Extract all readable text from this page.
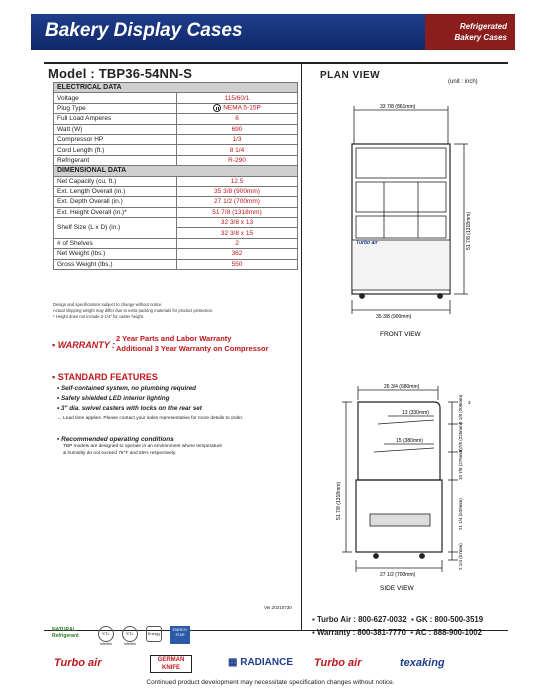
Bakery Display Cases	Refrigerated
Bakery Cases
Model : TBP36-54NN-S	PLAN VIEW
(unit : inch)
ELECTRICAL DATA	
Voltage	115/60/1
Plug Type	NEMA 5-15P
Full Load Amperes	6
Watt (W)	690
Compressor HP	1/3
Cord Length (ft.)	8 1/4
Refrigerant	R-290
DIMENSIONAL DATA	
Net Capacity (cu. ft.)	12.5
Ext. Length Overall (in.)	35 3/8 (900mm)
Ext. Depth Overall (in.)	27 1/2 (700mm)
Ext. Height Overall (in.)*	51 7/8 (1318mm)
Shelf Size (L x D) (in.)	32 3/8 x 13
	32 3/8 x 15
# of Shelves	2
Net Weight (lbs.)	362
Gross Weight (lbs.)	550
Design and specifications subject to change without notice.
Actual shipping weight may differ due to extra packing materials for product protection.
* Height does not include 2-1/4" for caster height.
▪ WARRANTY :
2 Year Parts and Labor Warranty
Additional 3 Year Warranty on Compressor
▪ STANDARD FEATURES
• Self-contained system, no plumbing required
• Safety shielded LED interior lighting
• 3" dia. swivel casters with locks on the rear set
↔ Lead time applies. Please contact your sales representative for more details to order.
▪ Recommended operating conditions
TBP models are designed to operate in an environment where temperature
& humidity do not exceed 75°F and 55% respectively.
Ver.20210730
33 7/8 (861mm)
35 3/8 (900mm)
51 7/8 (1318mm)
Turbo air
FRONT VIEW
26 3/4 (680mm)
13 (330mm)
15 (380mm)
27 1/2 (700mm)
51 7/8 (1318mm)
8 1/8 (206mm)
8 7/8 (225mm)
10 7/8 (276mm)
21 1/4 (539mm)
2 1/4 (57mm)
3
SIDE VIEW
▪ Turbo Air : 800-627-0032  ▪ GK : 800-500-3519
▪ Warranty : 800-381-7770  ▪ AC : 888-900-1002
NATURAL
Refrigerant	ETL
Intertek
ETL
Intertek
Energy
ENERGY STAR
Turbo air	GERMAN KNIFE	▦ RADIANCE Turbo air	texaking
Continued product development may necessitate specification changes without notice.
